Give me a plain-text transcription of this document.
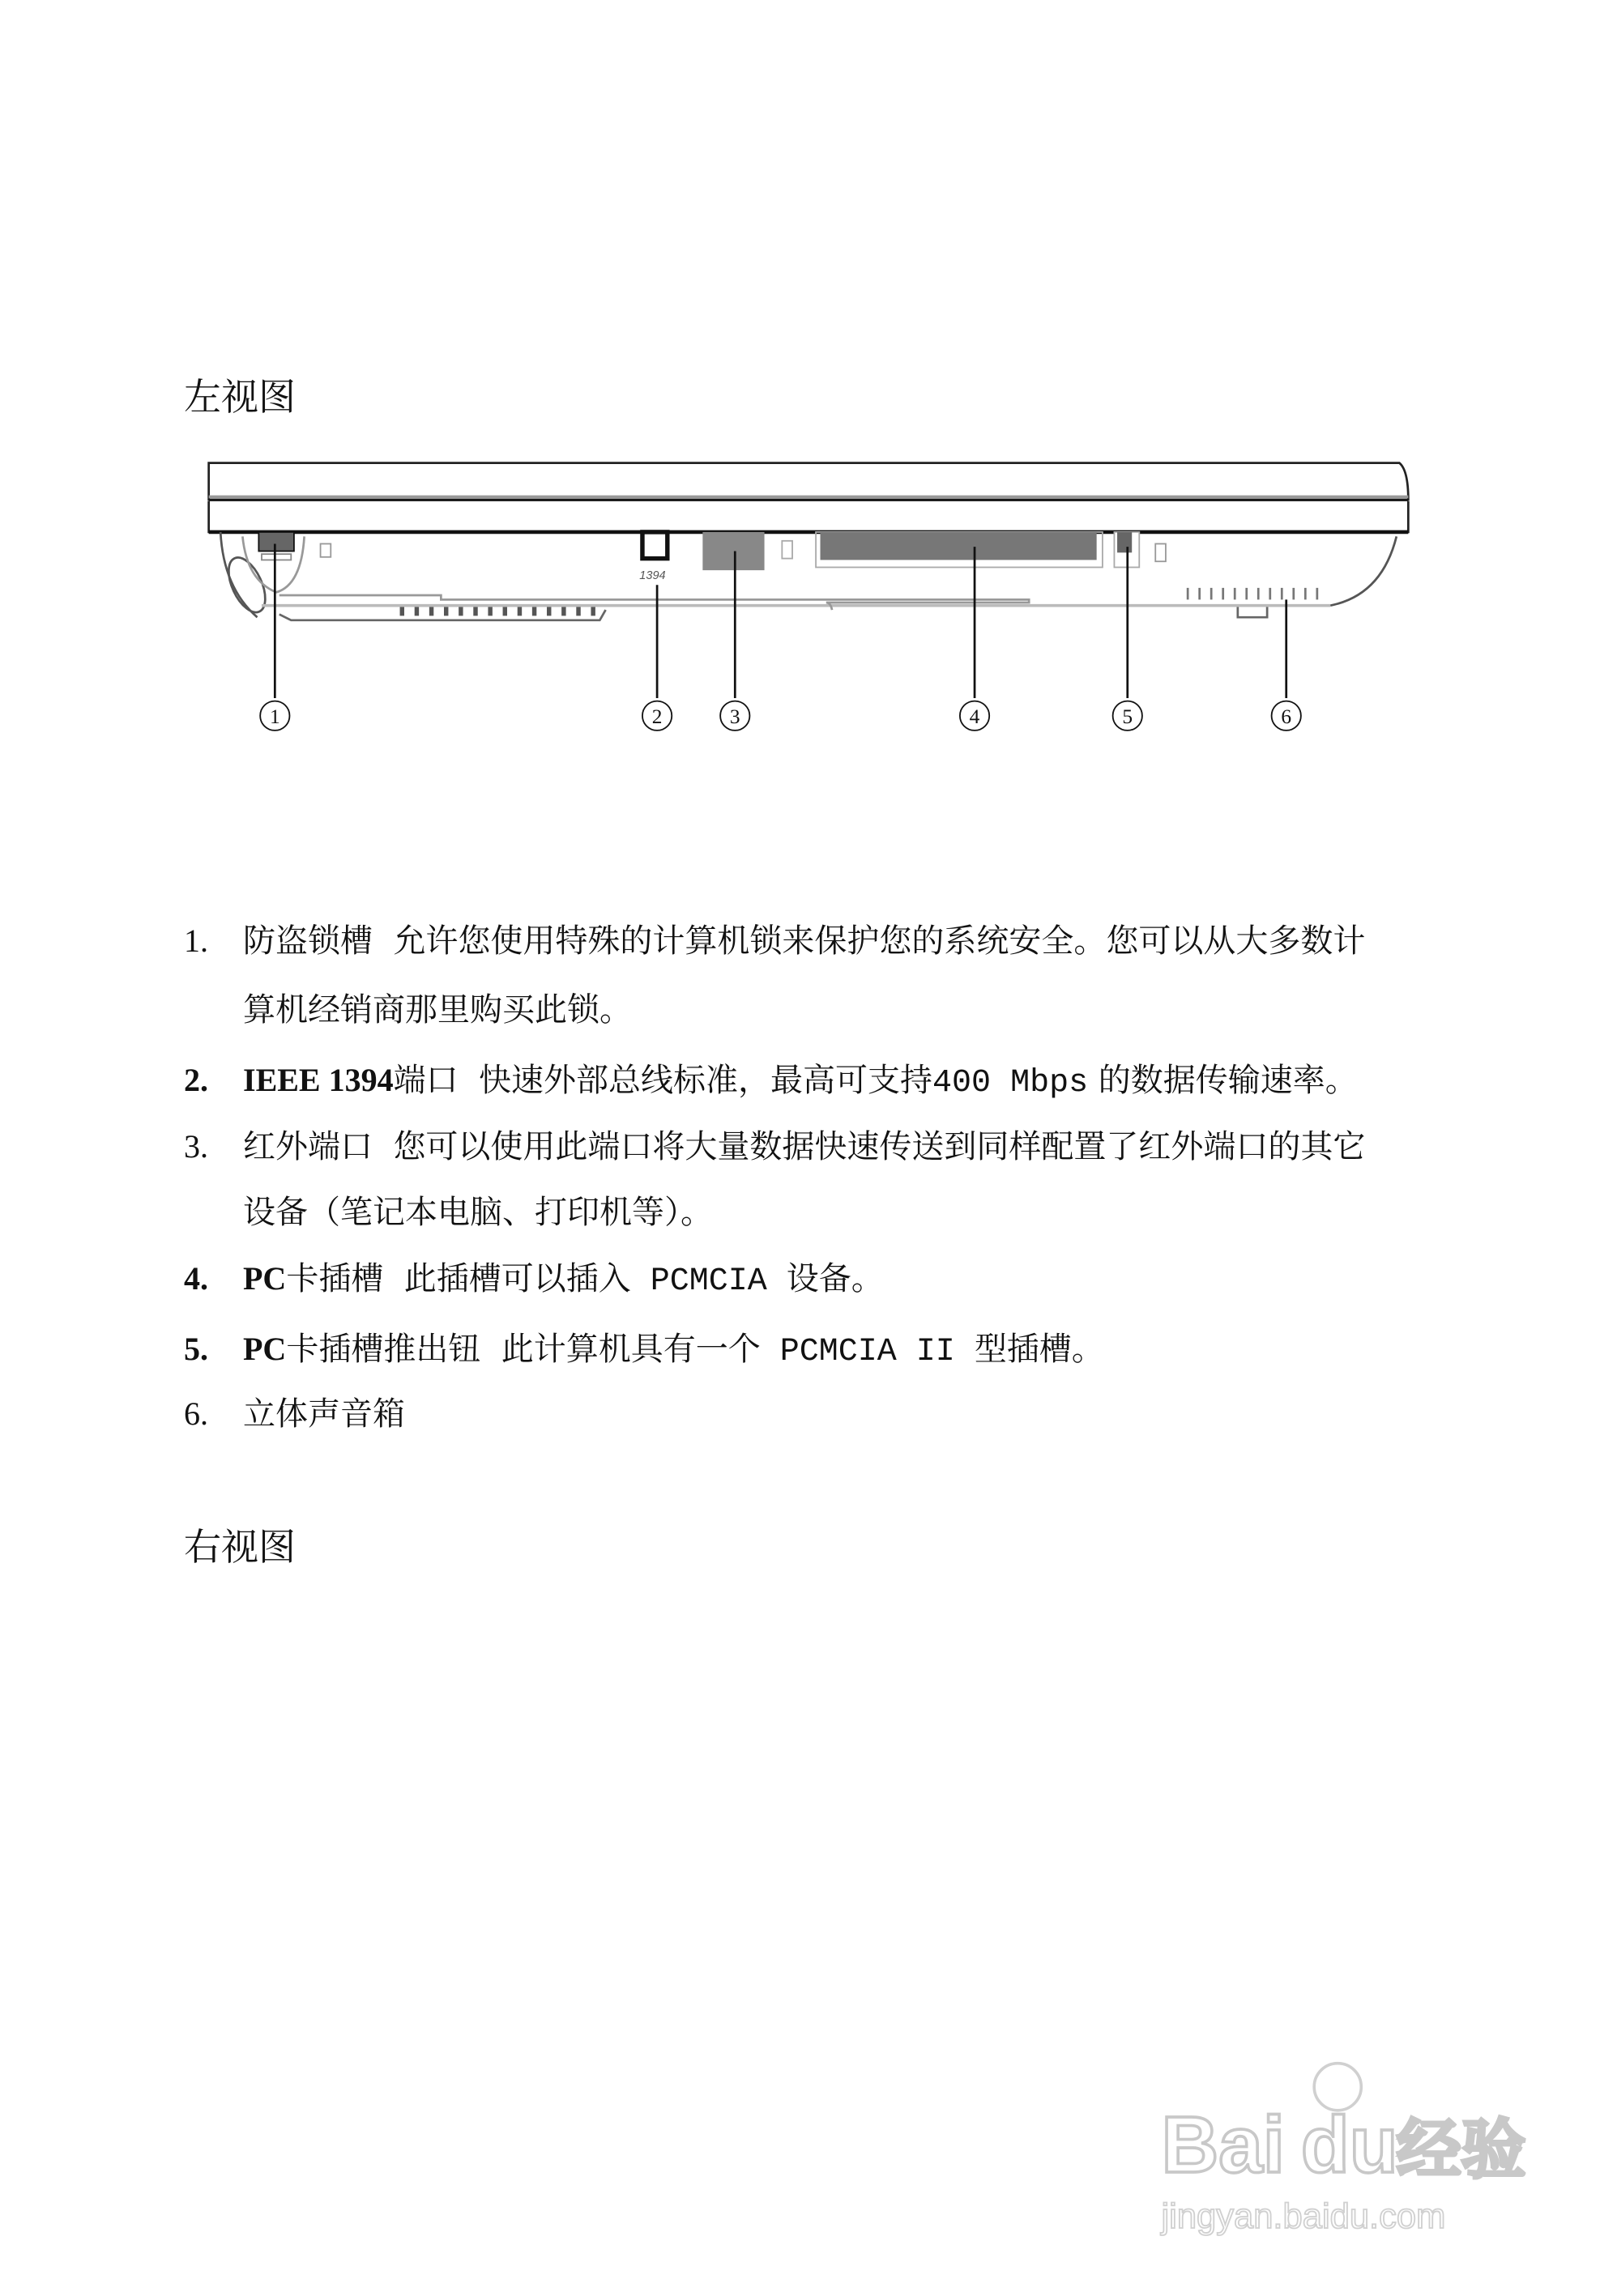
左视图
1394
1	2	3	4	5	6
Bai du
经验
jingyan.baidu.com
1. 防盗锁槽 允许您使用特殊的计算机锁来保护您的系统安全。您可以从大多数计
算机经销商那里购买此锁。
2. IEEE 1394端口 快速外部总线标准，最高可支持400 Mbps 的数据传输速率。
3. 红外端口 您可以使用此端口将大量数据快速传送到同样配置了红外端口的其它
设备（笔记本电脑、打印机等）。
4. PC卡插槽 此插槽可以插入 PCMCIA 设备。
5. PC卡插槽推出钮 此计算机具有一个 PCMCIA II 型插槽。
6. 立体声音箱
右视图
